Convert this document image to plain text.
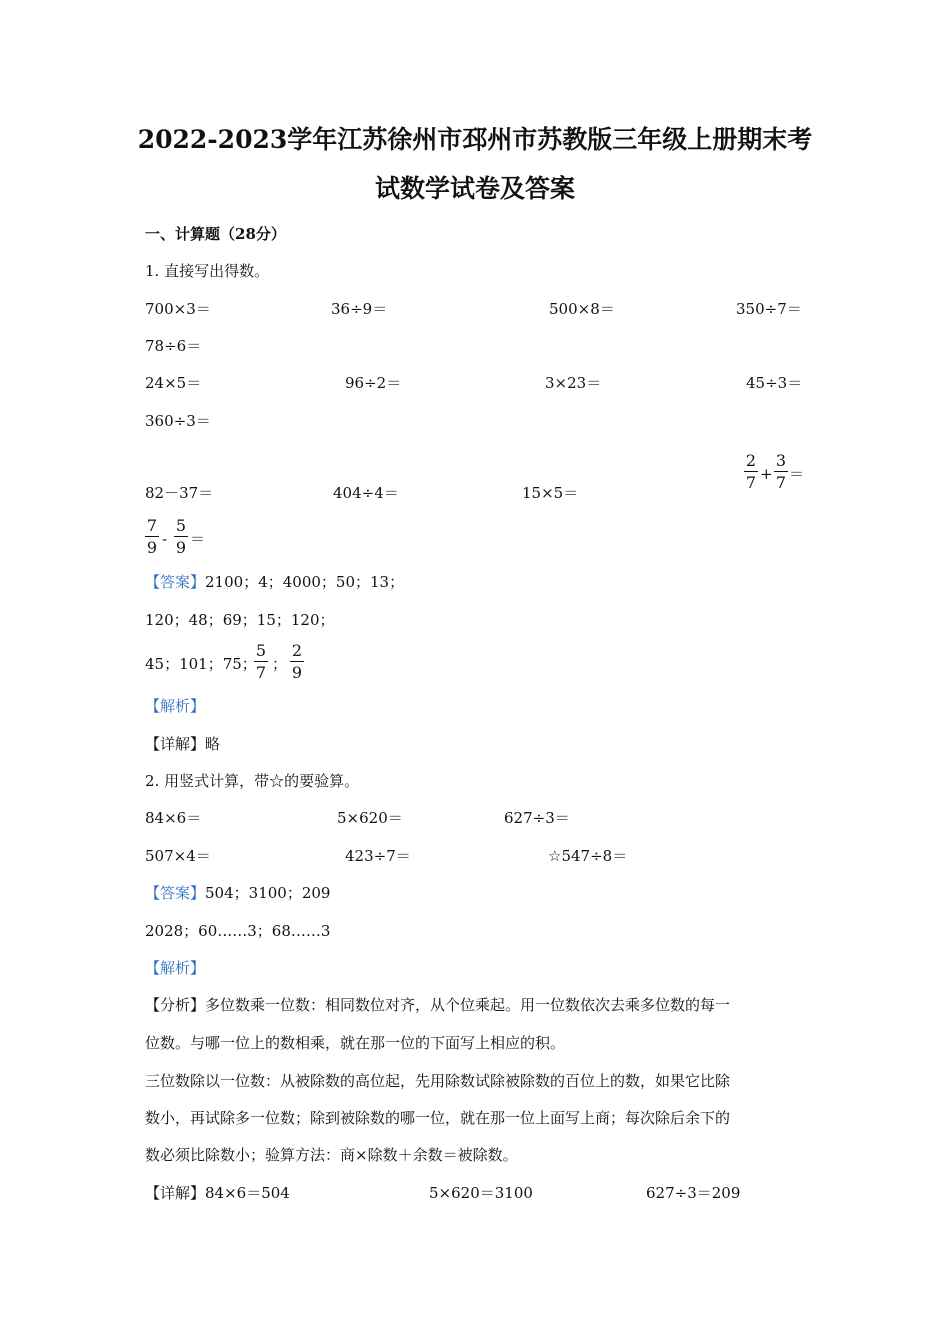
2022-2023学年江苏徐州市邳州市苏教版三年级上册期末考
试数学试卷及答案
一、计算题（28分）
1. 直接写出得数。
700×3＝	36÷9＝	500×8＝	350÷7＝
78÷6＝
24×5＝	96÷2＝	3×23＝	45÷3＝
360÷3＝
82－37＝	404÷4＝	15×5＝
2
7 +
3
7 ＝
7
9 -
5
9 ＝
【答案】2100；4；4000；50；13；
120；48；69；15；120；
45；101；75；
5
7 ；
2
9
【解析】
【详解】略
2. 用竖式计算，带☆的要验算。
84×6＝	5×620＝	627÷3＝
507×4＝	423÷7＝	☆547÷8＝
【答案】504；3100；209
2028；60……3；68……3
【解析】
【分析】多位数乘一位数：相同数位对齐，从个位乘起。用一位数依次去乘多位数的每一
位数。与哪一位上的数相乘，就在那一位的下面写上相应的积。
三位数除以一位数：从被除数的高位起，先用除数试除被除数的百位上的数，如果它比除
数小，再试除多一位数；除到被除数的哪一位，就在那一位上面写上商；每次除后余下的
数必须比除数小；验算方法：商×除数＋余数＝被除数。
【详解】84×6＝504	5×620＝3100	627÷3＝209
